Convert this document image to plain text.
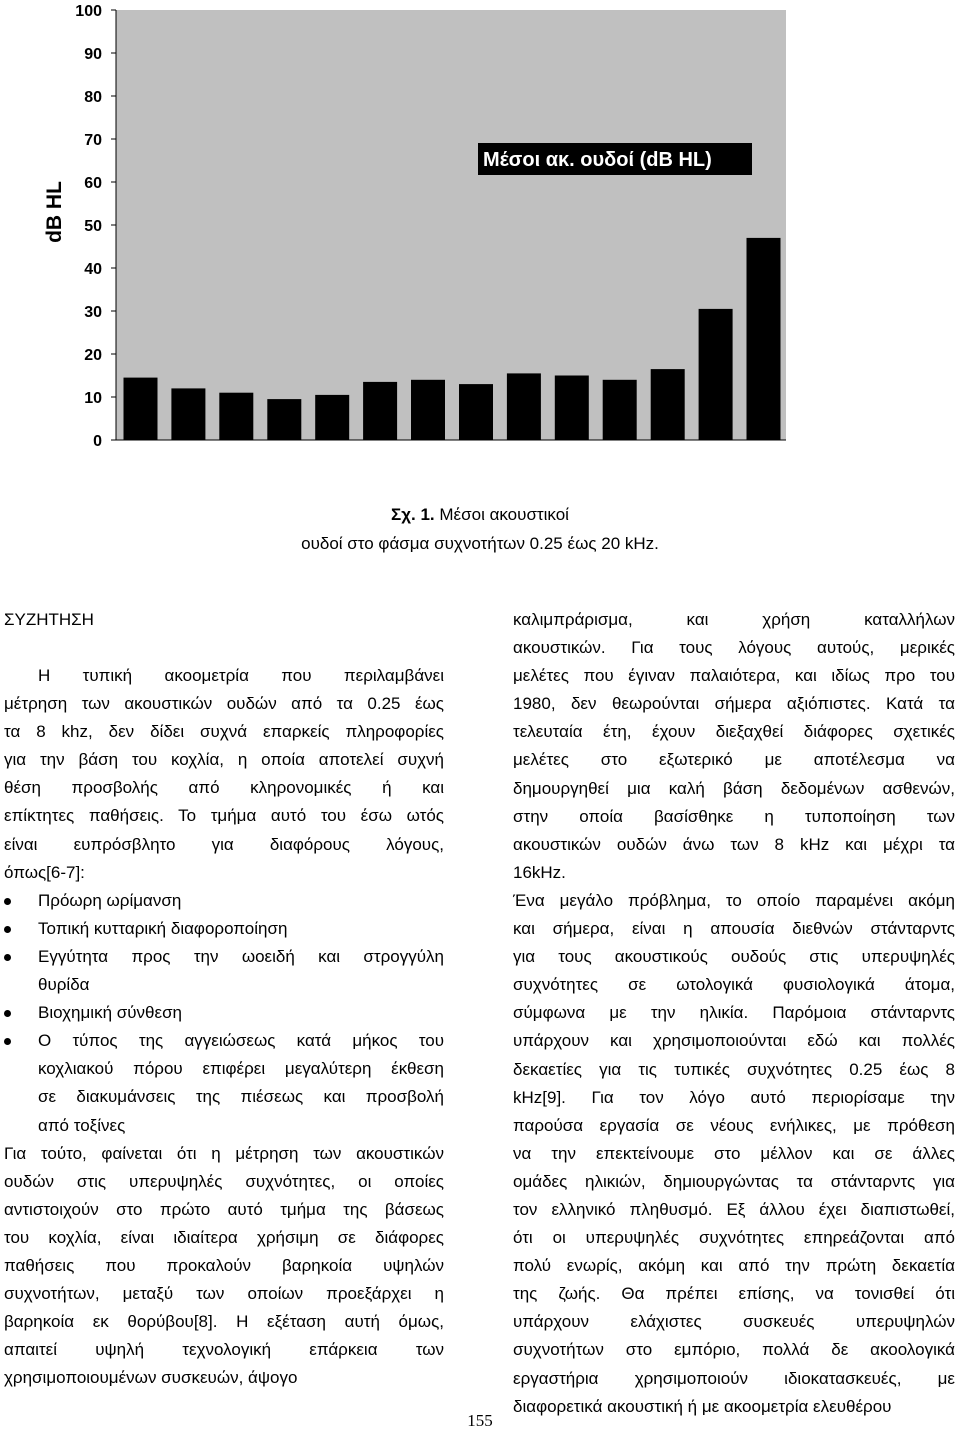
100
90
80
70
60
50
40
30
20
10
0
dB HL
Μέσοι ακ. ουδοί (dB HL)
Σχ. 1. Μέσοι ακουστικοί
ουδοί στο φάσμα συχνοτήτων 0.25 έως 20 kHz.
ΣΥΖΗΤΗΣΗ
Η τυπική ακοομετρία που περιλαμβάνει
μέτρηση των ακουστικών ουδών από τα 0.25 έως
τα 8 khz, δεν δίδει συχνά επαρκείς πληροφορίες
για την βάση του κοχλία, η οποία αποτελεί συχνή
θέση προσβολής από κληρονομικές ή και
επίκτητες παθήσεις. Το τμήμα αυτό του έσω ωτός
είναι ευπρόσβλητο για διαφόρους λόγους,
όπως[6-7]:
Πρόωρη ωρίμανση
Τοπική κυτταρική διαφοροποίηση
Εγγύτητα προς την ωοειδή και στρογγύλη
θυρίδα
Βιοχημική σύνθεση
Ο τύπος της αγγειώσεως κατά μήκος του
κοχλιακού πόρου επιφέρει μεγαλύτερη έκθεση
σε διακυμάνσεις της πιέσεως και προσβολή
από τοξίνες
Για τούτο, φαίνεται ότι η μέτρηση των ακουστικών
ουδών στις υπερυψηλές συχνότητες, οι οποίες
αντιστοιχούν στο πρώτο αυτό τμήμα της βάσεως
του κοχλία, είναι ιδιαίτερα χρήσιμη σε διάφορες
παθήσεις που προκαλούν βαρηκοία υψηλών
συχνοτήτων, μεταξύ των οποίων προεξάρχει η
βαρηκοία εκ θορύβου[8]. Η εξέταση αυτή όμως,
απαιτεί υψηλή τεχνολογική επάρκεια των
χρησιμοποιουμένων συσκευών, άψογο
καλιμπράρισμα, και χρήση καταλλήλων
ακουστικών. Για τους λόγους αυτούς, μερικές
μελέτες που έγιναν παλαιότερα, και ιδίως προ του
1980, δεν θεωρούνται σήμερα αξιόπιστες. Κατά τα
τελευταία έτη, έχουν διεξαχθεί διάφορες σχετικές
μελέτες στο εξωτερικό με αποτέλεσμα να
δημουργηθεί μια καλή βάση δεδομένων ασθενών,
στην οποία βασίσθηκε η τυποποίηση των
ακουστικών ουδών άνω των 8 kHz και μέχρι τα
16kHz.
Ένα μεγάλο πρόβλημα, το οποίο παραμένει ακόμη
και σήμερα, είναι η απουσία διεθνών στάνταρντς
για τους ακουστικούς ουδούς στις υπερυψηλές
συχνότητες σε ωτολογικά φυσιολογικά άτομα,
σύμφωνα με την ηλικία. Παρόμοια στάνταρντς
υπάρχουν και χρησιμοποιούνται εδώ και πολλές
δεκαετίες για τις τυπικές συχνότητες 0.25 έως 8
kHz[9]. Για τον λόγο αυτό περιορίσαμε την
παρούσα εργασία σε νέους ενήλικες, με πρόθεση
να την επεκτείνουμε στο μέλλον και σε άλλες
ομάδες ηλικιών, δημιουργώντας τα στάνταρντς για
τον ελληνικό πληθυσμό. Εξ άλλου έχει διαπιστωθεί,
ότι οι υπερυψηλές συχνότητες επηρεάζονται από
πολύ ενωρίς, ακόμη και από την πρώτη δεκαετία
της ζωής. Θα πρέπει επίσης, να τονισθεί ότι
υπάρχουν ελάχιστες συσκευές υπερυψηλών
συχνοτήτων στο εμπόριο, πολλά δε ακοολογικά
εργαστήρια χρησιμοποιούν ιδιοκατασκευές, με
διαφορετικά ακουστική ή με ακοομετρία ελευθέρου
155
